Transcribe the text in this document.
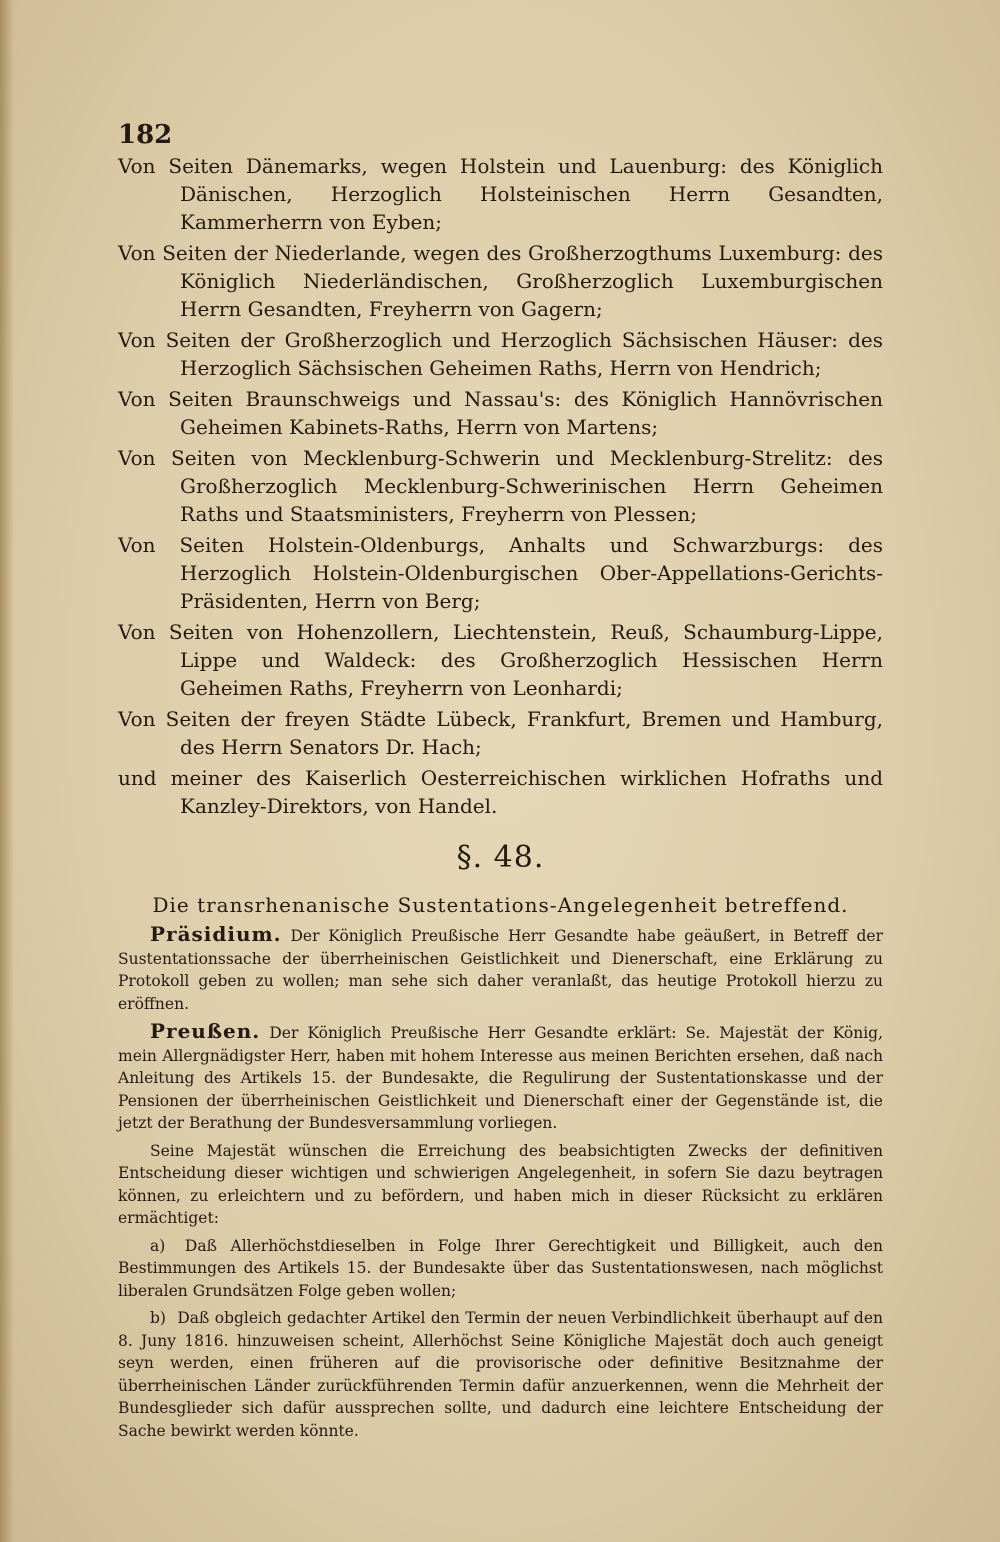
182

Von Seiten Dänemarks, wegen Holstein und Lauenburg: des Königlich Dänischen, Herzoglich Holsteinischen Herrn Gesandten, Kammerherrn von Eyben;

Von Seiten der Niederlande, wegen des Großherzogthums Luxemburg: des Königlich Niederländischen, Großherzoglich Luxemburgischen Herrn Gesandten, Freyherrn von Gagern;

Von Seiten der Großherzoglich und Herzoglich Sächsischen Häuser: des Herzoglich Sächsischen Geheimen Raths, Herrn von Hendrich;

Von Seiten Braunschweigs und Nassau's: des Königlich Hannövrischen Geheimen Kabinets-Raths, Herrn von Martens;

Von Seiten von Mecklenburg-Schwerin und Mecklenburg-Strelitz: des Großherzoglich Mecklenburg-Schwerinischen Herrn Geheimen Raths und Staatsministers, Freyherrn von Plessen;

Von Seiten Holstein-Oldenburgs, Anhalts und Schwarzburgs: des Herzoglich Holstein-Oldenburgischen Ober-Appellations-Gerichts-Präsidenten, Herrn von Berg;

Von Seiten von Hohenzollern, Liechtenstein, Reuß, Schaumburg-Lippe, Lippe und Waldeck: des Großherzoglich Hessischen Herrn Geheimen Raths, Freyherrn von Leonhardi;

Von Seiten der freyen Städte Lübeck, Frankfurt, Bremen und Hamburg, des Herrn Senators Dr. Hach;

und meiner des Kaiserlich Oesterreichischen wirklichen Hofraths und Kanzley-Direktors, von Handel.

§. 48.
Die transrhenanische Sustentations-Angelegenheit betreffend.

Präsidium. Der Königlich Preußische Herr Gesandte habe geäußert, in Betreff der Sustentationssache der überrheinischen Geistlichkeit und Dienerschaft, eine Erklärung zu Protokoll geben zu wollen; man sehe sich daher veranlaßt, das heutige Protokoll hierzu zu eröffnen.

Preußen. Der Königlich Preußische Herr Gesandte erklärt: Se. Majestät der König, mein Allergnädigster Herr, haben mit hohem Interesse aus meinen Berichten ersehen, daß nach Anleitung des Artikels 15. der Bundesakte, die Regulirung der Sustentationskasse und der Pensionen der überrheinischen Geistlichkeit und Dienerschaft einer der Gegenstände ist, die jetzt der Berathung der Bundesversammlung vorliegen.

Seine Majestät wünschen die Erreichung des beabsichtigten Zwecks der definitiven Entscheidung dieser wichtigen und schwierigen Angelegenheit, in sofern Sie dazu beytragen können, zu erleichtern und zu befördern, und haben mich in dieser Rücksicht zu erklären ermächtiget:

a) Daß Allerhöchstdieselben in Folge Ihrer Gerechtigkeit und Billigkeit, auch den Bestimmungen des Artikels 15. der Bundesakte über das Sustentationswesen, nach möglichst liberalen Grundsätzen Folge geben wollen;

b) Daß obgleich gedachter Artikel den Termin der neuen Verbindlichkeit überhaupt auf den 8. Juny 1816. hinzuweisen scheint, Allerhöchst Seine Königliche Majestät doch auch geneigt seyn werden, einen früheren auf die provisorische oder definitive Besitznahme der überrheinischen Länder zurückführenden Termin dafür anzuerkennen, wenn die Mehrheit der Bundesglieder sich dafür aussprechen sollte, und dadurch eine leichtere Entscheidung der Sache bewirkt werden könnte.
